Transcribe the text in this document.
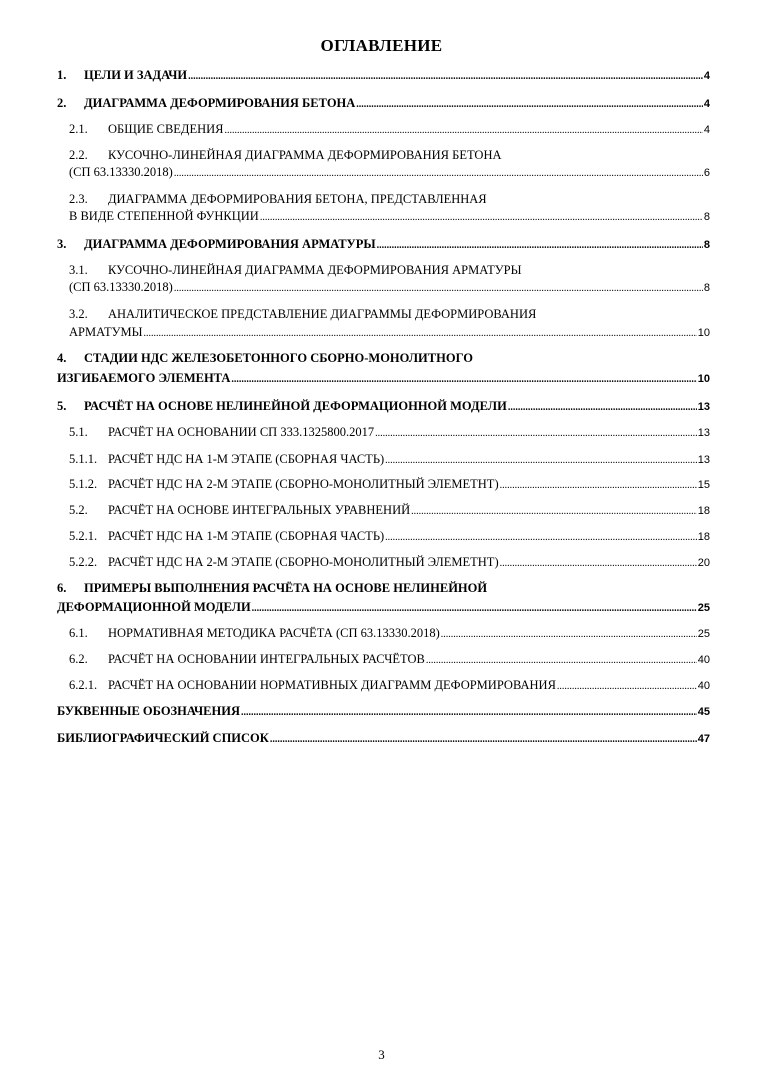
ОГЛАВЛЕНИЕ
1. ЦЕЛИ И ЗАДАЧИ .....	4
2. ДИАГРАММА ДЕФОРМИРОВАНИЯ БЕТОНА .....	4
2.1. ОБЩИЕ СВЕДЕНИЯ .....	4
2.2. КУСОЧНО-ЛИНЕЙНАЯ ДИАГРАММА ДЕФОРМИРОВАНИЯ БЕТОНА
(СП 63.13330.2018) .....	6
2.3. ДИАГРАММА ДЕФОРМИРОВАНИЯ БЕТОНА, ПРЕДСТАВЛЕННАЯ
В ВИДЕ СТЕПЕННОЙ ФУНКЦИИ .....	8
3. ДИАГРАММА ДЕФОРМИРОВАНИЯ АРМАТУРЫ .....	8
3.1. КУСОЧНО-ЛИНЕЙНАЯ ДИАГРАММА ДЕФОРМИРОВАНИЯ АРМАТУРЫ
(СП 63.13330.2018) .....	8
3.2. АНАЛИТИЧЕСКОЕ ПРЕДСТАВЛЕНИЕ ДИАГРАММЫ ДЕФОРМИРОВАНИЯ
АРМАТУМЫ .....	10
4. СТАДИИ НДС ЖЕЛЕЗОБЕТОННОГО СБОРНО-МОНОЛИТНОГО
ИЗГИБАЕМОГО ЭЛЕМЕНТА .....	10
5. РАСЧЁТ НА ОСНОВЕ НЕЛИНЕЙНОЙ ДЕФОРМАЦИОННОЙ МОДЕЛИ .....	13
5.1. РАСЧЁТ НА ОСНОВАНИИ СП 333.1325800.2017 .....	13
5.1.1. РАСЧЁТ НДС НА 1-М ЭТАПЕ (СБОРНАЯ ЧАСТЬ) .....	13
5.1.2. РАСЧЁТ НДС НА 2-М ЭТАПЕ (СБОРНО-МОНОЛИТНЫЙ ЭЛЕМЕТНТ) .....	15
5.2. РАСЧЁТ НА ОСНОВЕ ИНТЕГРАЛЬНЫХ УРАВНЕНИЙ .....	18
5.2.1. РАСЧЁТ НДС НА 1-М ЭТАПЕ (СБОРНАЯ ЧАСТЬ) .....	18
5.2.2. РАСЧЁТ НДС НА 2-М ЭТАПЕ (СБОРНО-МОНОЛИТНЫЙ ЭЛЕМЕТНТ) .....	20
6. ПРИМЕРЫ ВЫПОЛНЕНИЯ РАСЧЁТА НА ОСНОВЕ НЕЛИНЕЙНОЙ
ДЕФОРМАЦИОННОЙ МОДЕЛИ .....	25
6.1. НОРМАТИВНАЯ МЕТОДИКА РАСЧЁТА (СП 63.13330.2018) .....	25
6.2. РАСЧЁТ НА ОСНОВАНИИ ИНТЕГРАЛЬНЫХ РАСЧЁТОВ .....	40
6.2.1. РАСЧЁТ НА ОСНОВАНИИ НОРМАТИВНЫХ ДИАГРАММ ДЕФОРМИРОВАНИЯ .....	40
БУКВЕННЫЕ ОБОЗНАЧЕНИЯ .....	45
БИБЛИОГРАФИЧЕСКИЙ СПИСОК .....	47
3
